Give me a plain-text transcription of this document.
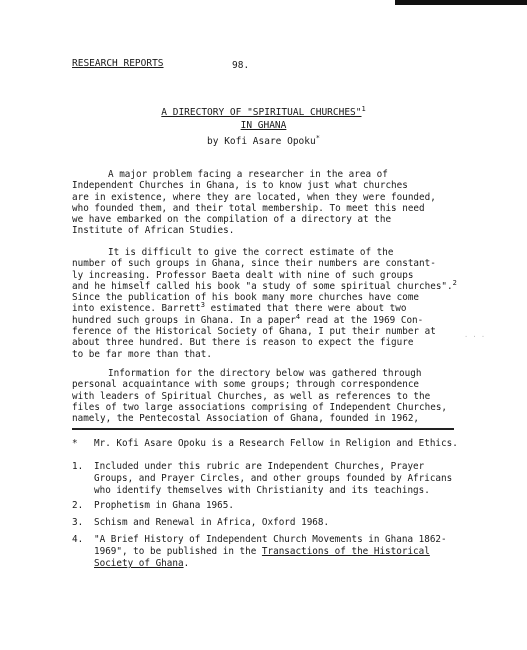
RESEARCH REPORTS	98.
A DIRECTORY OF "SPIRITUAL CHURCHES"$^1$
IN GHANA
by Kofi Asare Opoku*
A major problem facing a researcher in the area of
Independent Churches in Ghana, is to know just what churches
are in existence, where they are located, when they were founded,
who founded them, and their total membership. To meet this need
we have embarked on the compilation of a directory at the
Institute of African Studies.
It is difficult to give the correct estimate of the
number of such groups in Ghana, since their numbers are constant-
ly increasing. Professor Baeta dealt with nine of such groups
and he himself called his book "a study of some spiritual churches".$^2$
Since the publication of his book many more churches have come
into existence. Barrett$^3$ estimated that there were about two
hundred such groups in Ghana. In a paper$^4$ read at the 1969 Con-
ference of the Historical Society of Ghana, I put their number at
about three hundred. But there is reason to expect the figure
to be far more than that.
Information for the directory below was gathered through
personal acquaintance with some groups; through correspondence
with leaders of Spiritual Churches, as well as references to the
files of two large associations comprising of Independent Churches,
namely, the Pentecostal Association of Ghana, founded in 1962,
· · ·
* Mr. Kofi Asare Opoku is a Research Fellow in Religion and Ethics.
1. Included under this rubric are Independent Churches, Prayer
Groups, and Prayer Circles, and other groups founded by Africans
who identify themselves with Christianity and its teachings.
2. Prophetism in Ghana 1965.
3. Schism and Renewal in Africa, Oxford 1968.
4. "A Brief History of Independent Church Movements in Ghana 1862-
1969", to be published in the Transactions of the Historical
Society of Ghana.
